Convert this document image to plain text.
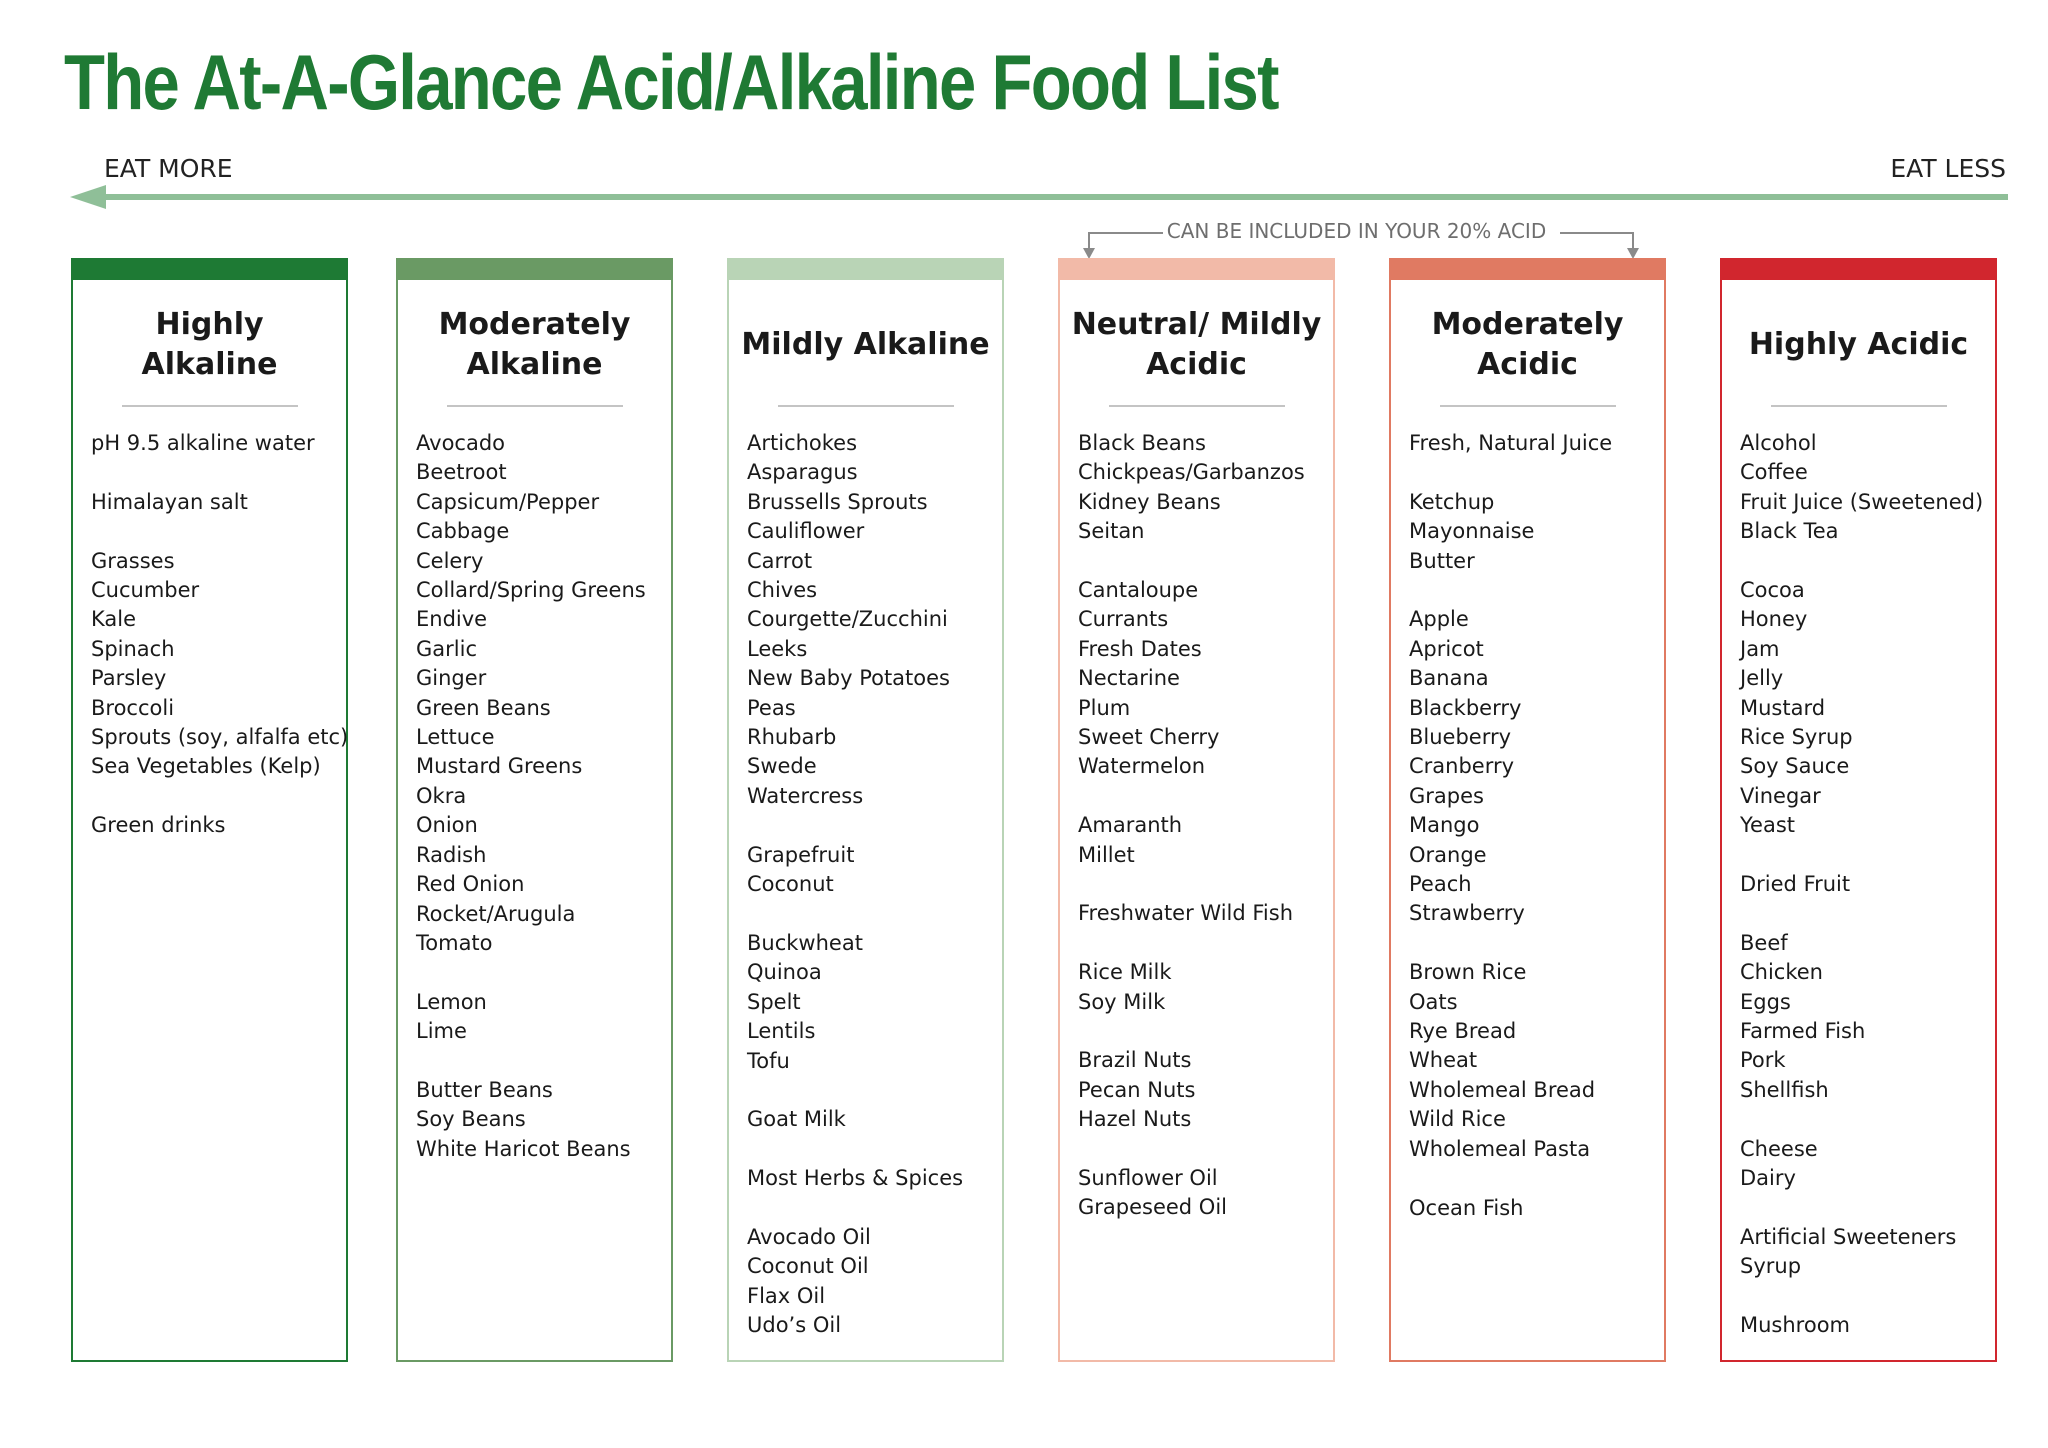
The At-A-Glance Acid/Alkaline Food List
EAT MORE	EAT LESS
CAN BE INCLUDED IN YOUR 20% ACID
Highly Alkaline
pH 9.5 alkaline water
Himalayan salt
Grasses
Cucumber
Kale
Spinach
Parsley
Broccoli
Sprouts (soy, alfalfa etc)
Sea Vegetables (Kelp)
Green drinks
Moderately Alkaline
Avocado
Beetroot
Capsicum/Pepper
Cabbage
Celery
Collard/Spring Greens
Endive
Garlic
Ginger
Green Beans
Lettuce
Mustard Greens
Okra
Onion
Radish
Red Onion
Rocket/Arugula
Tomato
Lemon
Lime
Butter Beans
Soy Beans
White Haricot Beans
Mildly Alkaline
Artichokes
Asparagus
Brussells Sprouts
Cauliflower
Carrot
Chives
Courgette/Zucchini
Leeks
New Baby Potatoes
Peas
Rhubarb
Swede
Watercress
Grapefruit
Coconut
Buckwheat
Quinoa
Spelt
Lentils
Tofu
Goat Milk
Most Herbs & Spices
Avocado Oil
Coconut Oil
Flax Oil
Udo’s Oil
Neutral/ Mildly Acidic
Black Beans
Chickpeas/Garbanzos
Kidney Beans
Seitan
Cantaloupe
Currants
Fresh Dates
Nectarine
Plum
Sweet Cherry
Watermelon
Amaranth
Millet
Freshwater Wild Fish
Rice Milk
Soy Milk
Brazil Nuts
Pecan Nuts
Hazel Nuts
Sunflower Oil
Grapeseed Oil
Moderately Acidic
Fresh, Natural Juice
Ketchup
Mayonnaise
Butter
Apple
Apricot
Banana
Blackberry
Blueberry
Cranberry
Grapes
Mango
Orange
Peach
Strawberry
Brown Rice
Oats
Rye Bread
Wheat
Wholemeal Bread
Wild Rice
Wholemeal Pasta
Ocean Fish
Highly Acidic
Alcohol
Coffee
Fruit Juice (Sweetened)
Black Tea
Cocoa
Honey
Jam
Jelly
Mustard
Rice Syrup
Soy Sauce
Vinegar
Yeast
Dried Fruit
Beef
Chicken
Eggs
Farmed Fish
Pork
Shellfish
Cheese
Dairy
Artificial Sweeteners
Syrup
Mushroom
